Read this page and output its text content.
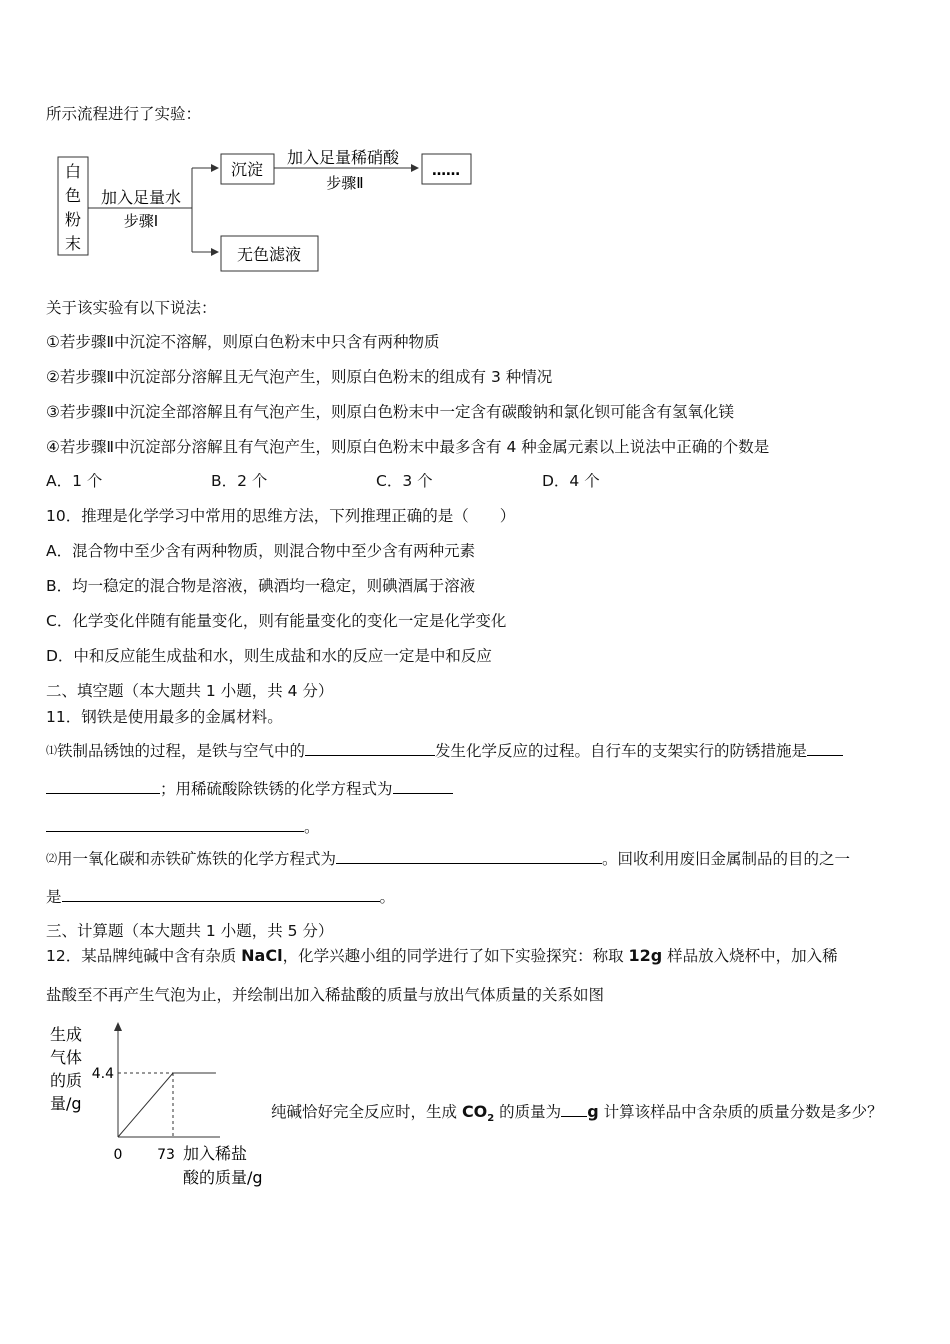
所示流程进行了实验：
白
色
粉
末
加入足量水
步骤Ⅰ
沉淀
加入足量稀硝酸
步骤Ⅱ
……
无色滤液
关于该实验有以下说法：
①若步骤Ⅱ中沉淀不溶解，则原白色粉末中只含有两种物质
②若步骤Ⅱ中沉淀部分溶解且无气泡产生，则原白色粉末的组成有 3 种情况
③若步骤Ⅱ中沉淀全部溶解且有气泡产生，则原白色粉末中一定含有碳酸钠和氯化钡可能含有氢氧化镁
④若步骤Ⅱ中沉淀部分溶解且有气泡产生，则原白色粉末中最多含有 4 种金属元素以上说法中正确的个数是
A．1 个	B．2 个	C．3 个	D．4 个
10．推理是化学学习中常用的思维方法，下列推理正确的是（　　）
A．混合物中至少含有两种物质，则混合物中至少含有两种元素
B．均一稳定的混合物是溶液，碘酒均一稳定，则碘酒属于溶液
C．化学变化伴随有能量变化，则有能量变化的变化一定是化学变化
D．中和反应能生成盐和水，则生成盐和水的反应一定是中和反应
二、填空题（本大题共 1 小题，共 4 分）
11．钢铁是使用最多的金属材料。
⑴铁制品锈蚀的过程，是铁与空气中的	发生化学反应的过程。自行车的支架实行的防锈措施是
；用稀硫酸除铁锈的化学方程式为
。
⑵用一氧化碳和赤铁矿炼铁的化学方程式为	。回收利用废旧金属制品的目的之一
是	。
三、计算题（本大题共 1 小题，共 5 分）
12．某品牌纯碱中含有杂质 NaCl，化学兴趣小组的同学进行了如下实验探究：称取 12g 样品放入烧杯中，加入稀
盐酸至不再产生气泡为止，并绘制出加入稀盐酸的质量与放出气体质量的关系如图
4.4
0 73
生成
气体
的质
量/g
加入稀盐
酸的质量/g
纯碱恰好完全反应时，生成 $CO_2$ 的质量为 g 计算该样品中含杂质的质量分数是多少？
